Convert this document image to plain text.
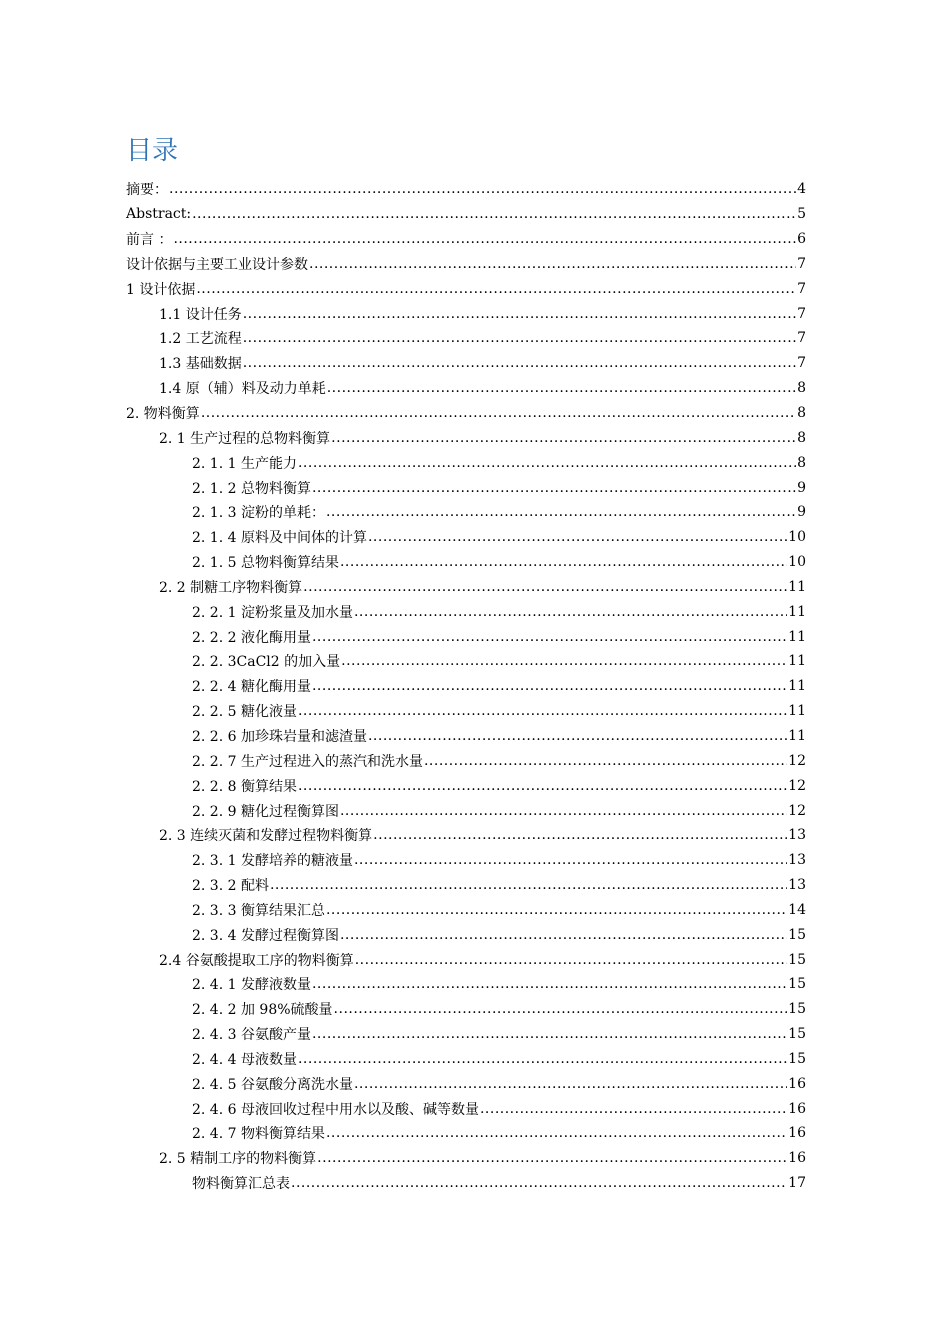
目录
摘要： .....	4
Abstract: .....	5
前言 ： .....	6
设计依据与主要工业设计参数 .....	7
1 设计依据 .....	7
1.1 设计任务 .....	7
1.2 工艺流程 .....	7
1.3 基础数据 .....	7
1.4 原（辅）料及动力单耗 .....	8
2. 物料衡算 .....	8
2. 1 生产过程的总物料衡算 .....	8
2. 1. 1 生产能力 .....	8
2. 1. 2 总物料衡算 .....	9
2. 1. 3 淀粉的单耗： .....	9
2. 1. 4 原料及中间体的计算 .....	10
2. 1. 5 总物料衡算结果 .....	10
2. 2 制糖工序物料衡算 .....	11
2. 2. 1 淀粉浆量及加水量 .....	11
2. 2. 2 液化酶用量 .....	11
2. 2. 3CaCl2 的加入量 .....	11
2. 2. 4 糖化酶用量 .....	11
2. 2. 5 糖化液量 .....	11
2. 2. 6 加珍珠岩量和滤渣量 .....	11
2. 2. 7 生产过程进入的蒸汽和洗水量 .....	12
2. 2. 8 衡算结果 .....	12
2. 2. 9 糖化过程衡算图 .....	12
2. 3 连续灭菌和发酵过程物料衡算 .....	13
2. 3. 1 发酵培养的糖液量 .....	13
2. 3. 2 配料 .....	13
2. 3. 3 衡算结果汇总 .....	14
2. 3. 4 发酵过程衡算图 .....	15
2.4 谷氨酸提取工序的物料衡算 .....	15
2. 4. 1 发酵液数量 .....	15
2. 4. 2 加 98%硫酸量 .....	15
2. 4. 3 谷氨酸产量 .....	15
2. 4. 4 母液数量 .....	15
2. 4. 5 谷氨酸分离洗水量 .....	16
2. 4. 6 母液回收过程中用水以及酸、碱等数量 .....	16
2. 4. 7 物料衡算结果 .....	16
2. 5 精制工序的物料衡算 .....	16
物料衡算汇总表 .....	17
